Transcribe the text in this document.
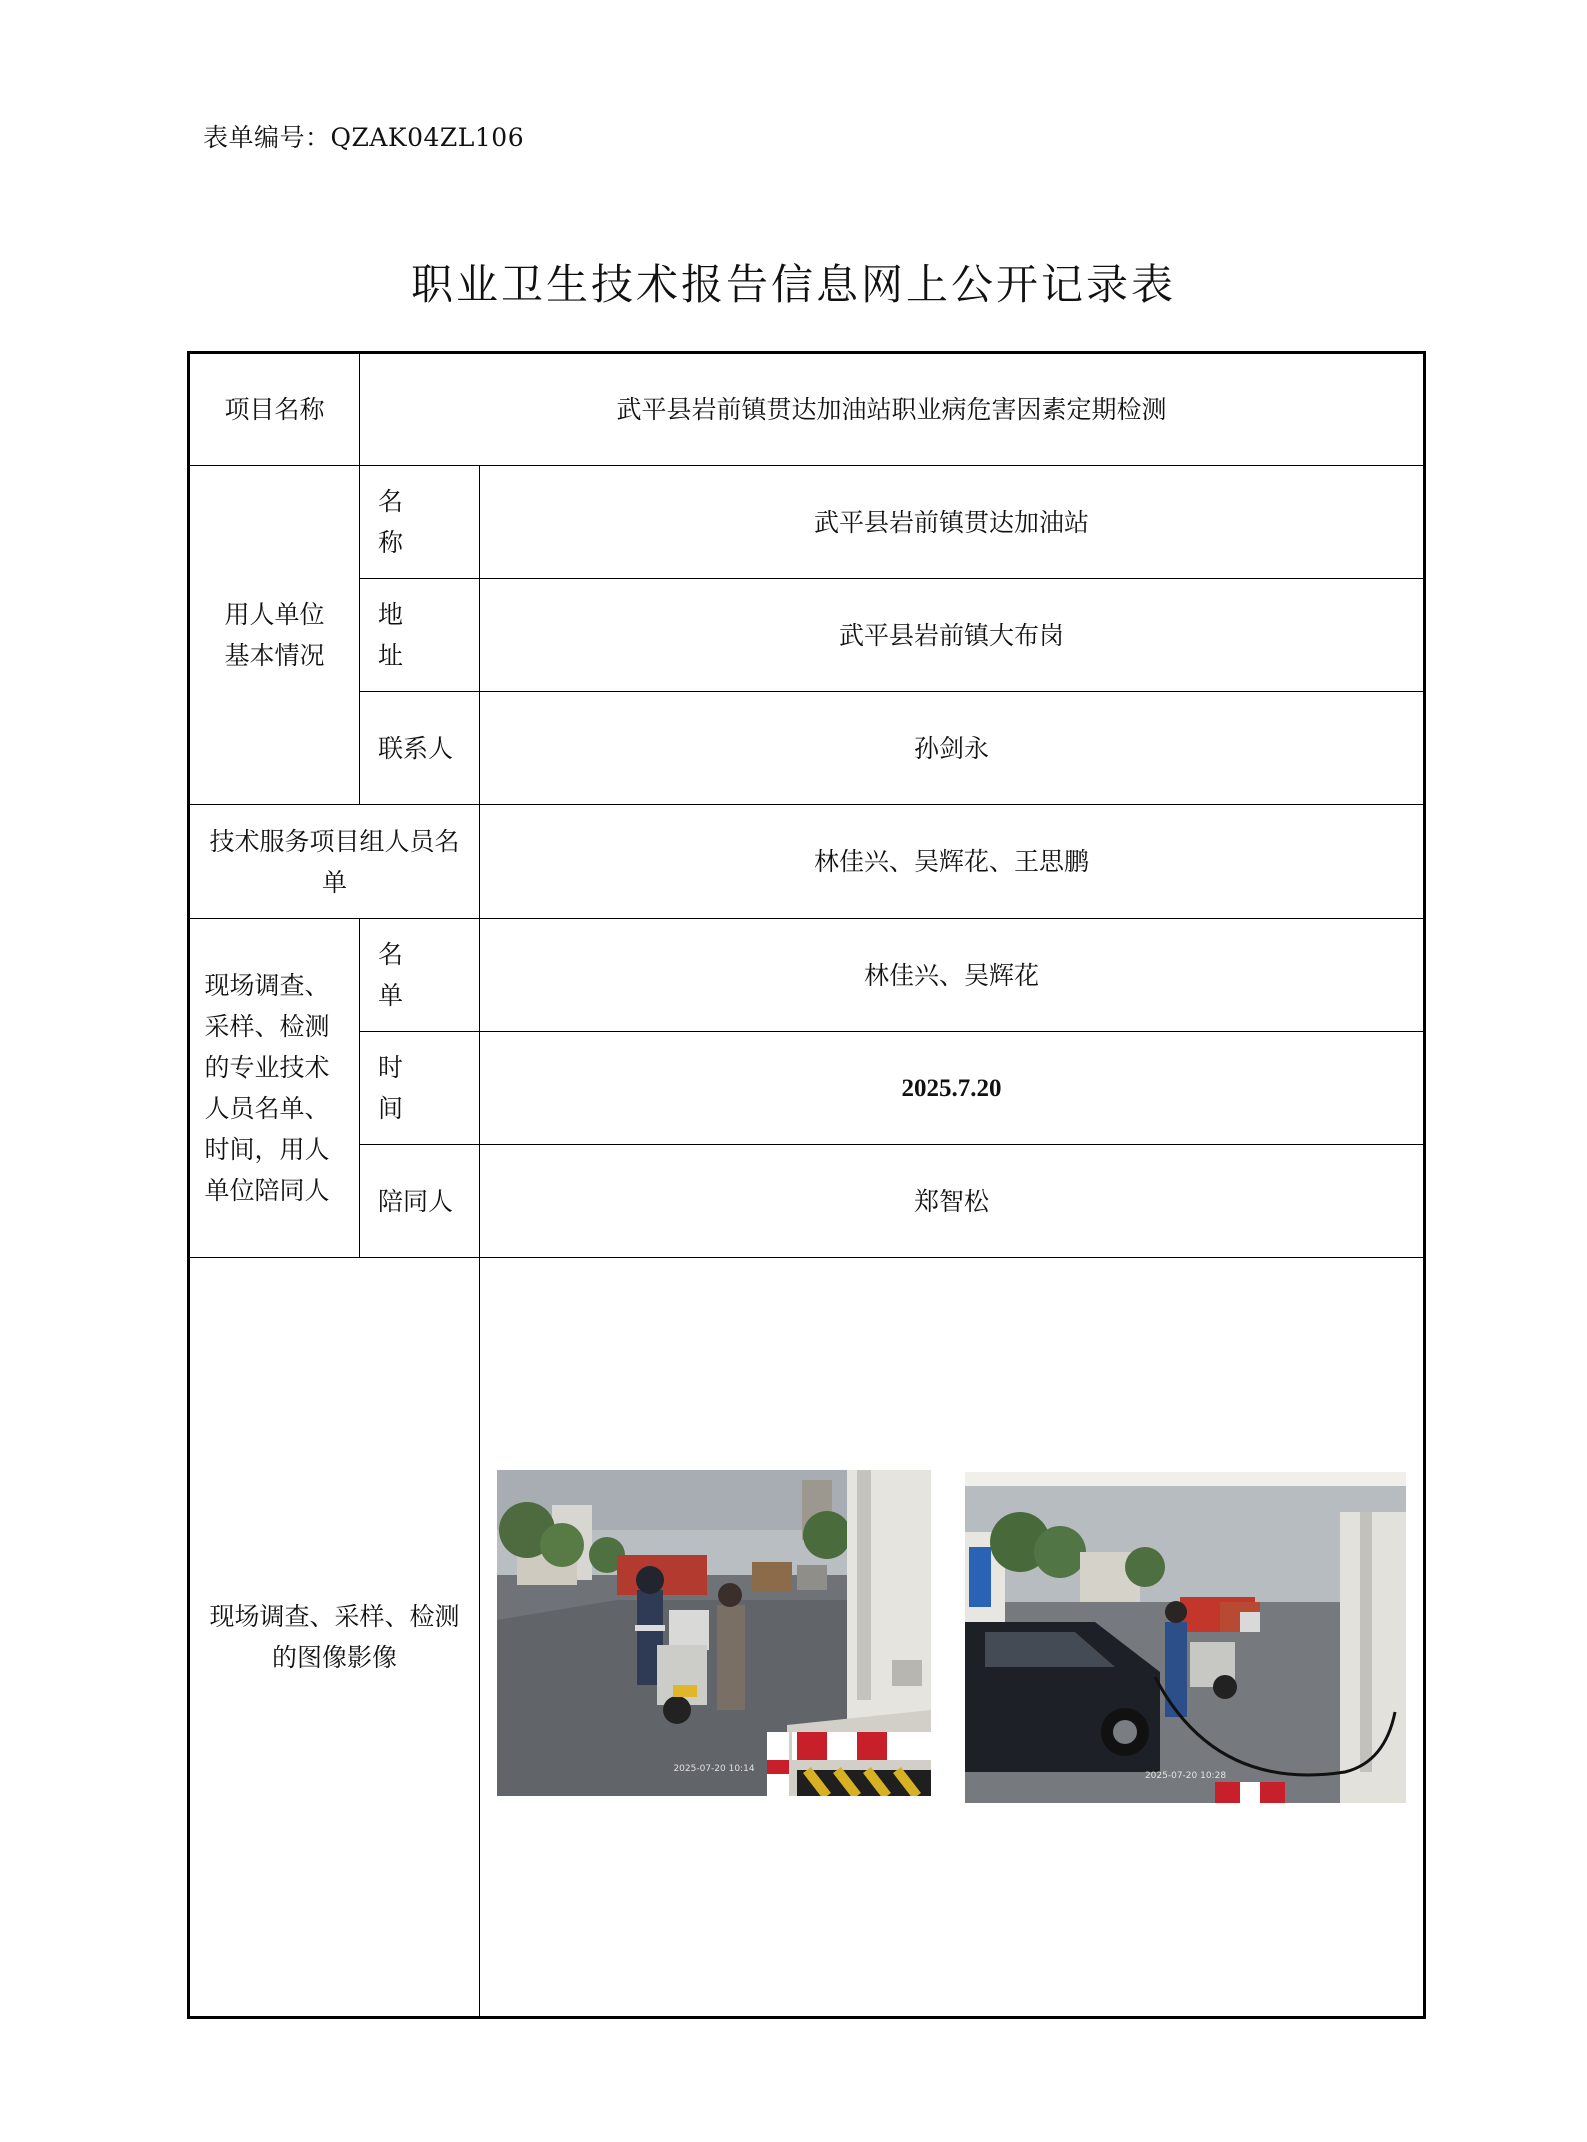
表单编号：QZAK04ZL106
职业卫生技术报告信息网上公开记录表
项目名称	武平县岩前镇贯达加油站职业病危害因素定期检测	

用人单位基本情况	名 称	武平县岩前镇贯达加油站
	地 址	武平县岩前镇大布岗
	联系人	孙剑永

技术服务项目组人员名单		林佳兴、吴辉花、王思鹏

现场调查、采样、检测的专业技术人员名单、时间，用人单位陪同人	名 单	林佳兴、吴辉花
	时 间	2025.7.20
	陪同人	郑智松

现场调查、采样、检测的图像影像		2025-07-20 10:14
2025-07-20 10:28
